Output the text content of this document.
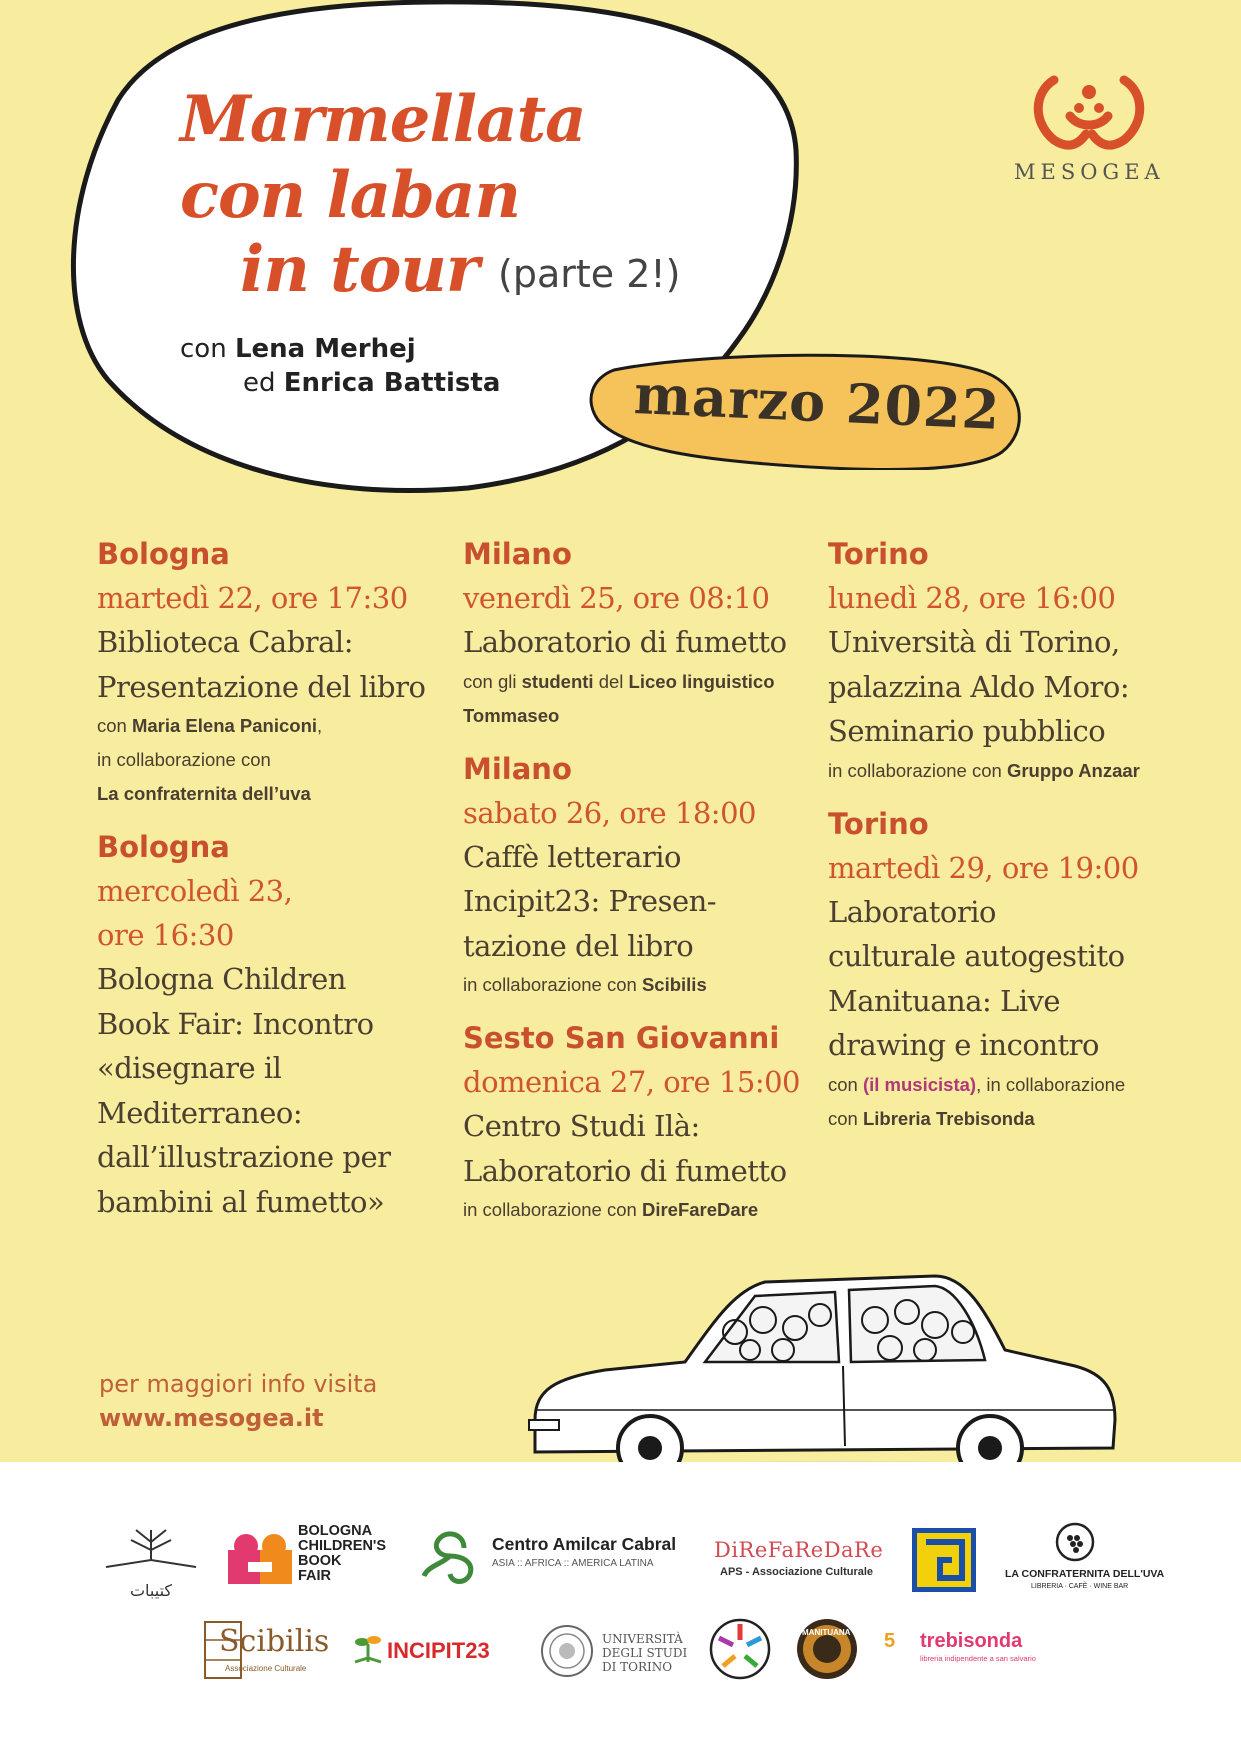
Marmellata
con laban
in tour (parte 2!)
con Lena Merhej
ed Enrica Battista marzo 2022
MESOGEA
Bologna
martedì 22, ore 17:30
Biblioteca Cabral:
Presentazione del libro
con Maria Elena Paniconi,
in collaborazione con
La confraternita dell’uva
Bologna
mercoledì 23,
ore 16:30
Bologna Children
Book Fair: Incontro
«disegnare il
Mediterraneo:
dall’illustrazione per
bambini al fumetto»
Milano
venerdì 25, ore 08:10
Laboratorio di fumetto
con gli studenti del Liceo linguistico
Tommaseo
Milano
sabato 26, ore 18:00
Caffè letterario
Incipit23: Presen-
tazione del libro
in collaborazione con Scibilis
Sesto San Giovanni
domenica 27, ore 15:00
Centro Studi Ilà:
Laboratorio di fumetto
in collaborazione con DireFareDare
Torino
lunedì 28, ore 16:00
Università di Torino,
palazzina Aldo Moro:
Seminario pubblico
in collaborazione con Gruppo Anzaar
Torino
martedì 29, ore 19:00
Laboratorio
culturale autogestito
Manituana: Live
drawing e incontro
con (il musicista), in collaborazione
con Libreria Trebisonda
per maggiori info visita
www.mesogea.it
كتيبات
BOLOGNA
CHILDREN'S
BOOK
FAIR
Centro Amilcar Cabral
ASIA :: AFRICA :: AMERICA LATINA
DiReFaReDaRe
APS - Associazione Culturale	LA CONFRATERNITA DELL'UVA
LIBRERIA · CAFÈ · WINE BAR
Scibilis
Associazione Culturale
INCIPIT23	UNIVERSITÀ
DEGLI STUDI
DI TORINO
MANITUANA 5 trebisonda
libreria indipendente a san salvario
